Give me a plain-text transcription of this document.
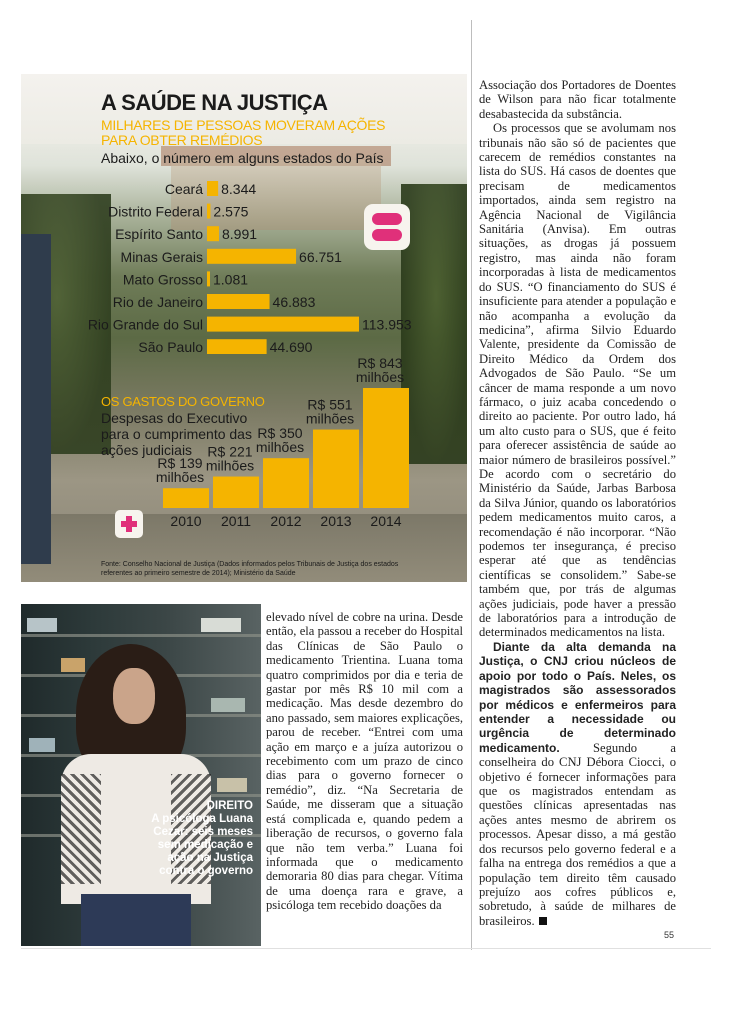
A SAÚDE NA JUSTIÇA
MILHARES DE PESSOAS MOVERAM AÇÕES PARA OBTER REMÉDIOS
Abaixo, o número em alguns estados do País
Ceará 8.344
Distrito Federal 2.575
Espírito Santo 8.991
Minas Gerais	66.751
Mato Grosso 1.081
Rio de Janeiro	46.883
Rio Grande do Sul	113.953
São Paulo	44.690
OS GASTOS DO GOVERNO
Despesas do Executivo para o cumprimento das ações judiciais
2010
R$ 139
milhões
2011
R$ 221
milhões
2012
R$ 350
milhões
2013
R$ 551
milhões
2014
R$ 843
milhões
Fonte: Conselho Nacional de Justiça (Dados informados pelos Tribunais de Justiça dos estados referentes ao primeiro semestre de 2014); Ministério da Saúde
DIREITO
A psicóloga Luana Cezar: seis meses sem medicação e ação na Justiça contra o governo

Associação dos Portadores de Doentes de Wilson para não ficar totalmente desabastecida da substância.

Os processos que se avolumam nos tribunais não são só de pacientes que carecem de remédios constantes na lista do SUS. Há casos de doentes que precisam de medicamentos importados, ainda sem registro na Agência Nacional de Vigilância Sanitária (Anvisa). Em outras situações, as drogas já possuem registro, mas ainda não foram incorporadas à lista de medicamentos do SUS. “O financiamento do SUS é insuficiente para atender a população e não acompanha a evolução da medicina”, afirma Silvio Eduardo Valente, presidente da Comissão de Direito Médico da Ordem dos Advogados de São Paulo. “Se um câncer de mama responde a um novo fármaco, o juiz acaba concedendo o direito ao paciente. Por outro lado, há um alto custo para o SUS, que é feito para oferecer assistência de saúde ao maior número de brasileiros possível.” De acordo com o secretário do Ministério da Saúde, Jarbas Barbosa da Silva Júnior, quando os laboratórios pedem medicamentos muito caros, a recomendação é não incorporar. “Não podemos ter insegurança, é preciso esperar até que as tendências científicas se consolidem.” Sabe-se também que, por trás de algumas ações judiciais, pode haver a pressão de laboratórios para a introdução de determinados medicamentos na lista.

elevado nível de cobre na urina. Desde então, ela passou a receber do Hospital das Clínicas de São Paulo o medicamento Trientina. Luana toma quatro comprimidos por dia e teria de gastar por mês R$ 10 mil com a medicação. Mas desde dezembro do ano passado, sem maiores explicações, parou de receber. “Entrei com uma ação em março e a juíza autorizou o recebimento com um prazo de cinco dias para o governo fornecer o remédio”, diz. “Na Secretaria de Saúde, me disseram que a situação está complicada e, quando pedem a liberação de recursos, o governo fala que não tem verba.” Luana foi informada que o medicamento demoraria 80 dias para chegar. Vítima de uma doença rara e grave, a psicóloga tem recebido doações da

Diante da alta demanda na Justiça, o CNJ criou núcleos de apoio por todo o País. Neles, os magistrados são assessorados por médicos e enfermeiros para entender a necessidade ou urgência de determinado medicamento. Segundo a conselheira do CNJ Débora Ciocci, o objetivo é fornecer informações para que os magistrados entendam as questões clínicas apresentadas nas ações antes mesmo de abrirem os processos. Apesar disso, a má gestão dos recursos pelo governo federal e a falha na entrega dos remédios a que a população tem direito têm causado prejuízo aos cofres públicos e, sobretudo, à saúde de milhares de brasileiros.

55
